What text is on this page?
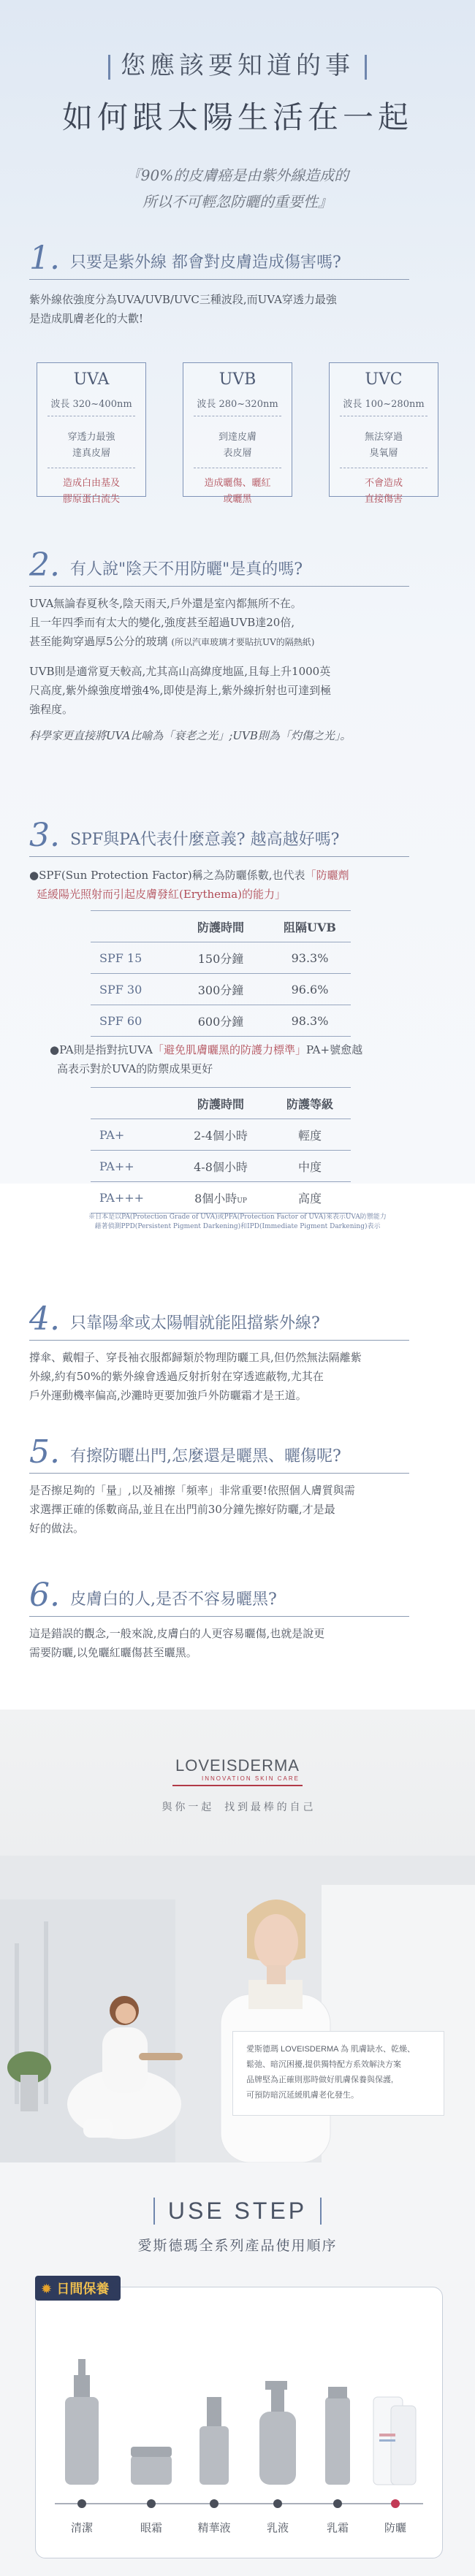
您應該要知道的事
如何跟太陽生活在一起
『90%的皮膚癌是由紫外線造成的
所以不可輕忽防曬的重要性』
1. 只要是紫外線 都會對皮膚造成傷害嗎?
紫外線依強度分為UVA/UVB/UVC三種波段,而UVA穿透力最強
是造成肌膚老化的大歡!
UVA
波長 320~400nm
穿透力最強
達真皮層
造成白由基及
膠原蛋白流失
UVB
波長 280~320nm
到達皮膚
表皮層
造成曬傷、曬紅
或曬黑
UVC
波長 100~280nm
無法穿過
臭氧層
不會造成
直接傷害
2. 有人說"陰天不用防曬"是真的嗎?
UVA無論春夏秋冬,陰天雨天,戶外還是室內都無所不在。
且一年四季而有太大的變化,強度甚至超過UVB達20倍,
甚至能夠穿過厚5公分的玻璃 (所以汽車玻璃才要貼抗UV的隔熱紙)
UVB則是適常夏天較高,尤其高山高緯度地區,且每上升1000英
尺高度,紫外線強度增強4%,即使是海上,紫外線折射也可達到極
強程度。
科學家更直接將UVA比喻為「衰老之光」;UVB則為「灼傷之光」。
3. SPF與PA代表什麼意義? 越高越好嗎?
●SPF(Sun Protection Factor)稱之為防曬係數,也代表「防曬劑
延緩陽光照射而引起皮膚發紅(Erythema)的能力」
	防護時間	阻隔UVB
SPF 15	150分鐘	93.3%
SPF 30	300分鐘	96.6%
SPF 60	600分鐘	98.3%
●PA則是指對抗UVA「避免肌膚曬黑的防護力標準」PA+號愈越
高表示對於UVA的防禦成果更好
	防護時間	防護等級
PA+	2-4個小時	輕度
PA++	4-8個小時	中度
PA+++	8個小時UP	高度
※日本是以PA(Protection Grade of UVA)或PFA(Protection Factor of UVA)來表示UVA防禦能力
藉著偵測PPD(Persistent Pigment Darkening)和IPD(Immediate Pigment Darkening)表示
4. 只靠陽傘或太陽帽就能阻擋紫外線?
撐傘、戴帽子、穿長袖衣服都歸類於物理防曬工具,但仍然無法隔離紫
外線,約有50%的紫外線會透過反射折射在穿透遮蔽物,尤其在
戶外運動機率偏高,沙灘時更要加強戶外防曬霜才是王道。
5. 有擦防曬出門,怎麼還是曬黑、曬傷呢?
是否擦足夠的「量」,以及補擦「頻率」非常重要!依照個人膚質與需
求選擇正確的係數商品,並且在出門前30分鐘先擦好防曬,才是最
好的做法。
6. 皮膚白的人,是否不容易曬黑?
這是錯誤的觀念,一般來說,皮膚白的人更容易曬傷,也就是說更
需要防曬,以免曬紅曬傷甚至曬黑。
LOVEISDERMA
INNOVATION SKIN CARE
與 你 一 起　 找 到 最 棒 的 自 己
愛斯德瑪 LOVEISDERMA 為 肌膚缺水、乾燥、
鬆弛、暗沉困擾,提供獨特配方系效解決方案
品牌堅為正確則那時做好肌膚保養與保護,
可預防暗沉延緩肌膚老化發生。
USE STEP
愛斯德瑪全系列產品使用順序
✹ 日間保養
清潔	眼霜	精華液	乳液	乳霜	防曬
